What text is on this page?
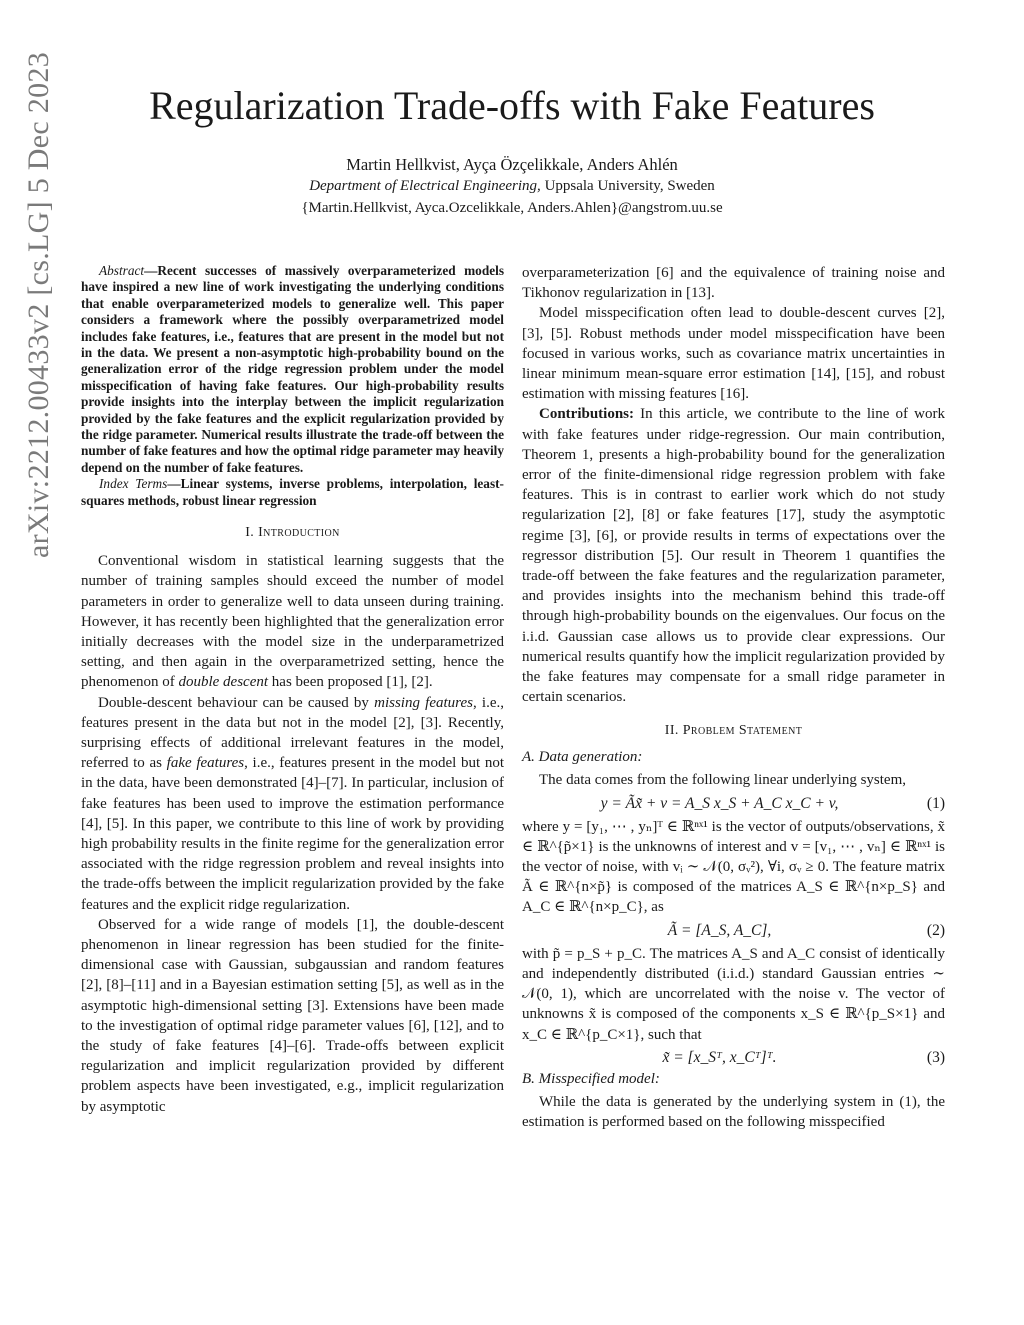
arXiv:2212.00433v2 [cs.LG] 5 Dec 2023	Regularization Trade-offs with Fake Features
Martin Hellkvist, Ayça Özçelikkale, Anders Ahlén
Department of Electrical Engineering, Uppsala University, Sweden
{Martin.Hellkvist, Ayca.Ozcelikkale, Anders.Ahlen}@angstrom.uu.se

Abstract—Recent successes of massively overparameterized models have inspired a new line of work investigating the underlying conditions that enable overparameterized models to generalize well. This paper considers a framework where the possibly overparametrized model includes fake features, i.e., features that are present in the model but not in the data. We present a non-asymptotic high-probability bound on the generalization error of the ridge regression problem under the model misspecification of having fake features. Our high-probability results provide insights into the interplay between the implicit regularization provided by the fake features and the explicit regularization provided by the ridge parameter. Numerical results illustrate the trade-off between the number of fake features and how the optimal ridge parameter may heavily depend on the number of fake features.

Index Terms—Linear systems, inverse problems, interpolation, least-squares methods, robust linear regression

I. Introduction

Conventional wisdom in statistical learning suggests that the number of training samples should exceed the number of model parameters in order to generalize well to data unseen during training. However, it has recently been highlighted that the generalization error initially decreases with the model size in the underparametrized setting, and then again in the overparametrized setting, hence the phenomenon of double descent has been proposed [1], [2].

Double-descent behaviour can be caused by missing features, i.e., features present in the data but not in the model [2], [3]. Recently, surprising effects of additional irrelevant features in the model, referred to as fake features, i.e., features present in the model but not in the data, have been demonstrated [4]–[7]. In particular, inclusion of fake features has been used to improve the estimation performance [4], [5]. In this paper, we contribute to this line of work by providing high probability results in the finite regime for the generalization error associated with the ridge regression problem and reveal insights into the trade-offs between the implicit regularization provided by the fake features and the explicit ridge regularization.

Observed for a wide range of models [1], the double-descent phenomenon in linear regression has been studied for the finite-dimensional case with Gaussian, subgaussian and random features [2], [8]–[11] and in a Bayesian estimation setting [5], as well as in the asymptotic high-dimensional setting [3]. Extensions have been made to the investigation of optimal ridge parameter values [6], [12], and to the study of fake features [4]–[6]. Trade-offs between explicit regularization and implicit regularization provided by different problem aspects have been investigated, e.g., implicit regularization by asymptotic

overparameterization [6] and the equivalence of training noise and Tikhonov regularization in [13].

Model misspecification often lead to double-descent curves [2], [3], [5]. Robust methods under model misspecification have been focused in various works, such as covariance matrix uncertainties in linear minimum mean-square error estimation [14], [15], and robust estimation with missing features [16].

Contributions: In this article, we contribute to the line of work with fake features under ridge-regression. Our main contribution, Theorem 1, presents a high-probability bound for the generalization error of the finite-dimensional ridge regression problem with fake features. This is in contrast to earlier work which do not study regularization [2], [8] or fake features [17], study the asymptotic regime [3], [6], or provide results in terms of expectations over the regressor distribution [5]. Our result in Theorem 1 quantifies the trade-off between the fake features and the regularization parameter, and provides insights into the mechanism behind this trade-off through high-probability bounds on the eigenvalues. Our focus on the i.i.d. Gaussian case allows us to provide clear expressions. Our numerical results quantify how the implicit regularization provided by the fake features may compensate for a small ridge parameter in certain scenarios.

II. Problem Statement
A. Data generation:

The data comes from the following linear underlying system,

y = Ãx̃ + v = A_S x_S + A_C x_C + v,	(1)

where y = [y₁, ⋯ , yₙ]ᵀ ∈ ℝⁿˣ¹ is the vector of outputs/observations, x̃ ∈ ℝ^{p̃×1} is the unknowns of interest and v = [v₁, ⋯ , vₙ] ∈ ℝⁿˣ¹ is the vector of noise, with vᵢ ∼ 𝒩(0, σᵥ²), ∀i, σᵥ ≥ 0. The feature matrix Ã ∈ ℝ^{n×p̃} is composed of the matrices A_S ∈ ℝ^{n×p_S} and A_C ∈ ℝ^{n×p_C}, as

Ã = [A_S, A_C],	(2)

with p̃ = p_S + p_C. The matrices A_S and A_C consist of identically and independently distributed (i.i.d.) standard Gaussian entries ∼ 𝒩(0, 1), which are uncorrelated with the noise v. The vector of unknowns x̃ is composed of the components x_S ∈ ℝ^{p_S×1} and x_C ∈ ℝ^{p_C×1}, such that

x̃ = [x_Sᵀ, x_Cᵀ]ᵀ.	(3)
B. Misspecified model:

While the data is generated by the underlying system in (1), the estimation is performed based on the following misspecified
